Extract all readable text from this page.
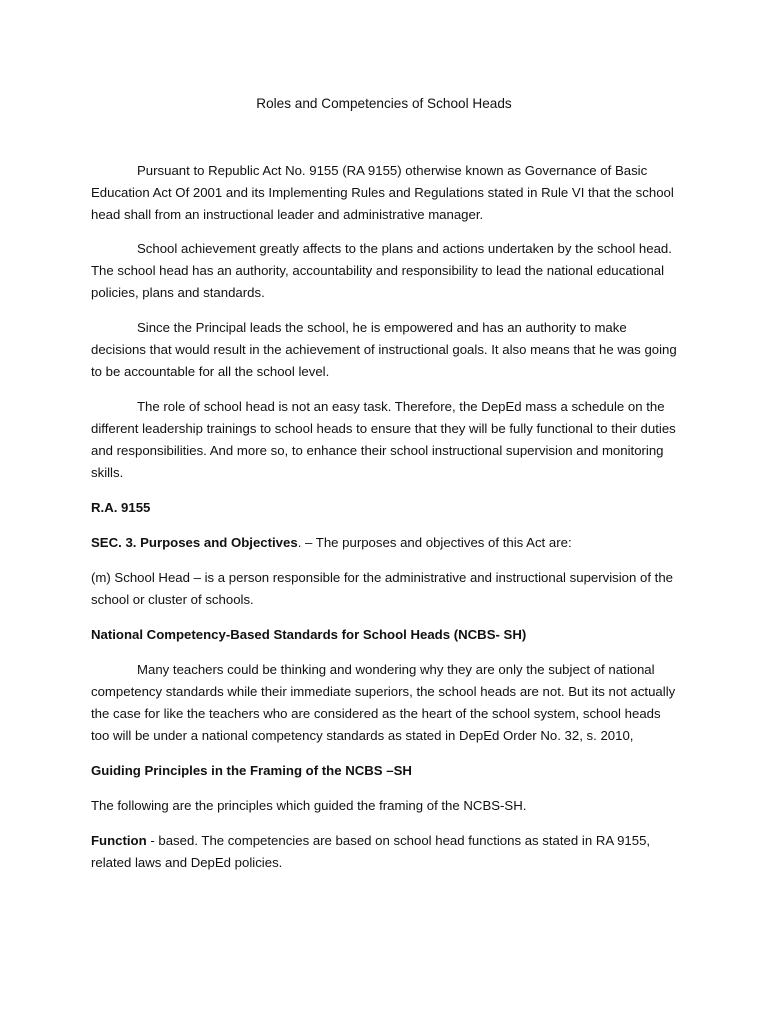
Roles and Competencies of School Heads

Pursuant to Republic Act No. 9155 (RA 9155) otherwise known as Governance of Basic Education Act Of 2001 and its Implementing Rules and Regulations stated in Rule VI that the school head shall from an instructional leader and administrative manager.

School achievement greatly affects to the plans and actions undertaken by the school head. The school head has an authority, accountability and responsibility to lead the national educational policies, plans and standards.

Since the Principal leads the school, he is empowered and has an authority to make decisions that would result in the achievement of instructional goals. It also means that he was going to be accountable for all the school level.

The role of school head is not an easy task. Therefore, the DepEd mass a schedule on the different leadership trainings to school heads to ensure that they will be fully functional to their duties and responsibilities. And more so, to enhance their school instructional supervision and monitoring skills.

R.A. 9155

SEC. 3. Purposes and Objectives. – The purposes and objectives of this Act are:

(m) School Head – is a person responsible for the administrative and instructional supervision of the school or cluster of schools.

National Competency-Based Standards for School Heads (NCBS- SH)

Many teachers could be thinking and wondering why they are only the subject of national competency standards while their immediate superiors, the school heads are not. But its not actually the case for like the teachers who are considered as the heart of the school system, school heads too will be under a national competency standards as stated in DepEd Order No. 32, s. 2010,

Guiding Principles in the Framing of the NCBS –SH

The following are the principles which guided the framing of the NCBS-SH.

Function - based. The competencies are based on school head functions as stated in RA 9155, related laws and DepEd policies.
